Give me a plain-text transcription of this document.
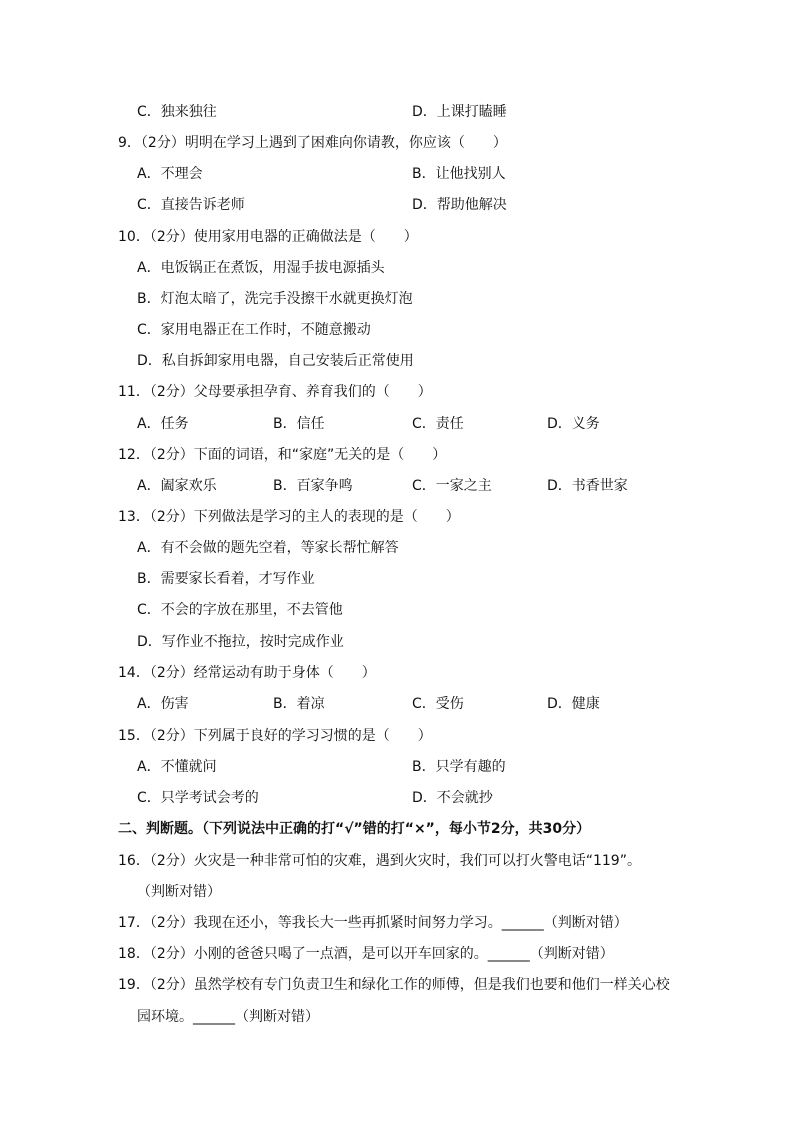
C．独来独往	D．上课打瞌睡
9．（2分）明明在学习上遇到了困难向你请教，你应该（　　）
A．不理会	B．让他找别人
C．直接告诉老师	D．帮助他解决
10．（2分）使用家用电器的正确做法是（　　）
A．电饭锅正在煮饭，用湿手拔电源插头
B．灯泡太暗了，洗完手没擦干水就更换灯泡
C．家用电器正在工作时，不随意搬动
D．私自拆卸家用电器，自己安装后正常使用
11．（2分）父母要承担孕育、养育我们的（　　）
A．任务	B．信任	C．责任	D．义务
12．（2分）下面的词语，和“家庭”无关的是（　　）
A．阖家欢乐	B．百家争鸣	C．一家之主	D．书香世家
13．（2分）下列做法是学习的主人的表现的是（　　）
A．有不会做的题先空着，等家长帮忙解答
B．需要家长看着，才写作业
C．不会的字放在那里，不去管他
D．写作业不拖拉，按时完成作业
14．（2分）经常运动有助于身体（　　）
A．伤害	B．着凉	C．受伤	D．健康
15．（2分）下列属于良好的学习习惯的是（　　）
A．不懂就问	B．只学有趣的
C．只学考试会考的	D．不会就抄
二、判断题。（下列说法中正确的打“√”错的打“×”，每小节2分，共30分）
16．（2分）火灾是一种非常可怕的灾难，遇到火灾时，我们可以打火警电话“119”。
（判断对错）
17．（2分）我现在还小，等我长大一些再抓紧时间努力学习。______（判断对错）
18．（2分）小刚的爸爸只喝了一点酒，是可以开车回家的。______（判断对错）
19．（2分）虽然学校有专门负责卫生和绿化工作的师傅，但是我们也要和他们一样关心校
园环境。______（判断对错）
